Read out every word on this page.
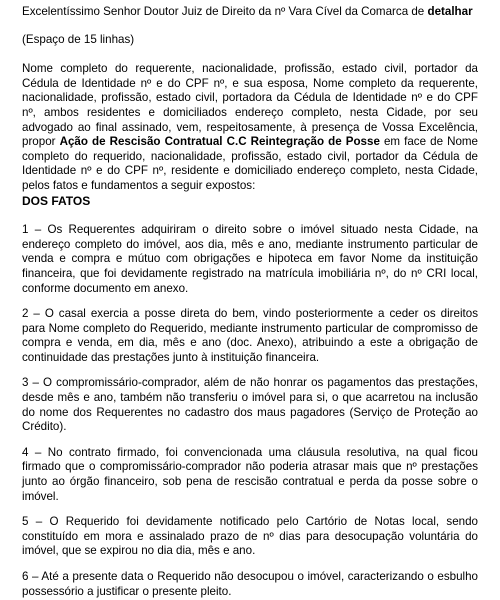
Excelentíssimo Senhor Doutor Juiz de Direito da nº Vara Cível da Comarca de detalhar

(Espaço de 15 linhas)

Nome completo do requerente, nacionalidade, profissão, estado civil, portador da Cédula de Identidade nº e do CPF nº, e sua esposa, Nome completo da requerente, nacionalidade, profissão, estado civil, portadora da Cédula de Identidade nº e do CPF nº, ambos residentes e domiciliados endereço completo, nesta Cidade, por seu advogado ao final assinado, vem, respeitosamente, à presença de Vossa Excelência, propor Ação de Rescisão Contratual C.C Reintegração de Posse em face de Nome completo do requerido, nacionalidade, profissão, estado civil, portador da Cédula de Identidade nº e do CPF nº, residente e domiciliado endereço completo, nesta Cidade, pelos fatos e fundamentos a seguir expostos:

DOS FATOS

1 – Os Requerentes adquiriram o direito sobre o imóvel situado nesta Cidade, na endereço completo do imóvel, aos dia, mês e ano, mediante instrumento particular de venda e compra e mútuo com obrigações e hipoteca em favor Nome da instituição financeira, que foi devidamente registrado na matrícula imobiliária nº, do nº CRI local, conforme documento em anexo.

2 – O casal exercia a posse direta do bem, vindo posteriormente a ceder os direitos para Nome completo do Requerido, mediante instrumento particular de compromisso de compra e venda, em dia, mês e ano (doc. Anexo), atribuindo a este a obrigação de continuidade das prestações junto à instituição financeira.

3 – O compromissário-comprador, além de não honrar os pagamentos das prestações, desde mês e ano, também não transferiu o imóvel para si, o que acarretou na inclusão do nome dos Requerentes no cadastro dos maus pagadores (Serviço de Proteção ao Crédito).

4 – No contrato firmado, foi convencionada uma cláusula resolutiva, na qual ficou firmado que o compromissário-comprador não poderia atrasar mais que nº prestações junto ao órgão financeiro, sob pena de rescisão contratual e perda da posse sobre o imóvel.

5 – O Requerido foi devidamente notificado pelo Cartório de Notas local, sendo constituído em mora e assinalado prazo de nº dias para desocupação voluntária do imóvel, que se expirou no dia dia, mês e ano.

6 – Até a presente data o Requerido não desocupou o imóvel, caracterizando o esbulho possessório a justificar o presente pleito.
